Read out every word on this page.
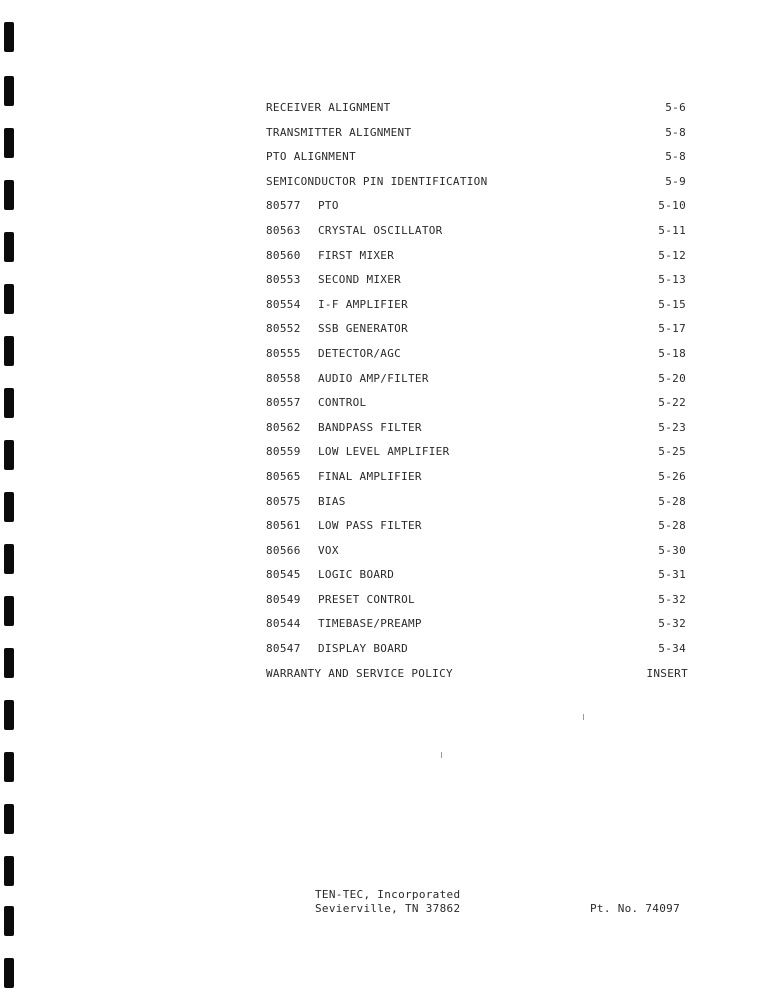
RECEIVER ALIGNMENT	5-6
TRANSMITTER ALIGNMENT	5-8
PTO ALIGNMENT	5-8
SEMICONDUCTOR PIN IDENTIFICATION	5-9
80577 PTO	5-10
80563 CRYSTAL OSCILLATOR	5-11
80560 FIRST MIXER	5-12
80553 SECOND MIXER	5-13
80554 I-F AMPLIFIER	5-15
80552 SSB GENERATOR	5-17
80555 DETECTOR/AGC	5-18
80558 AUDIO AMP/FILTER	5-20
80557 CONTROL	5-22
80562 BANDPASS FILTER	5-23
80559 LOW LEVEL AMPLIFIER	5-25
80565 FINAL AMPLIFIER	5-26
80575 BIAS	5-28
80561 LOW PASS FILTER	5-28
80566 VOX	5-30
80545 LOGIC BOARD	5-31
80549 PRESET CONTROL	5-32
80544 TIMEBASE/PREAMP	5-32
80547 DISPLAY BOARD	5-34
WARRANTY AND SERVICE POLICY	INSERT
TEN-TEC, Incorporated
Sevierville, TN 37862	Pt. No. 74097
